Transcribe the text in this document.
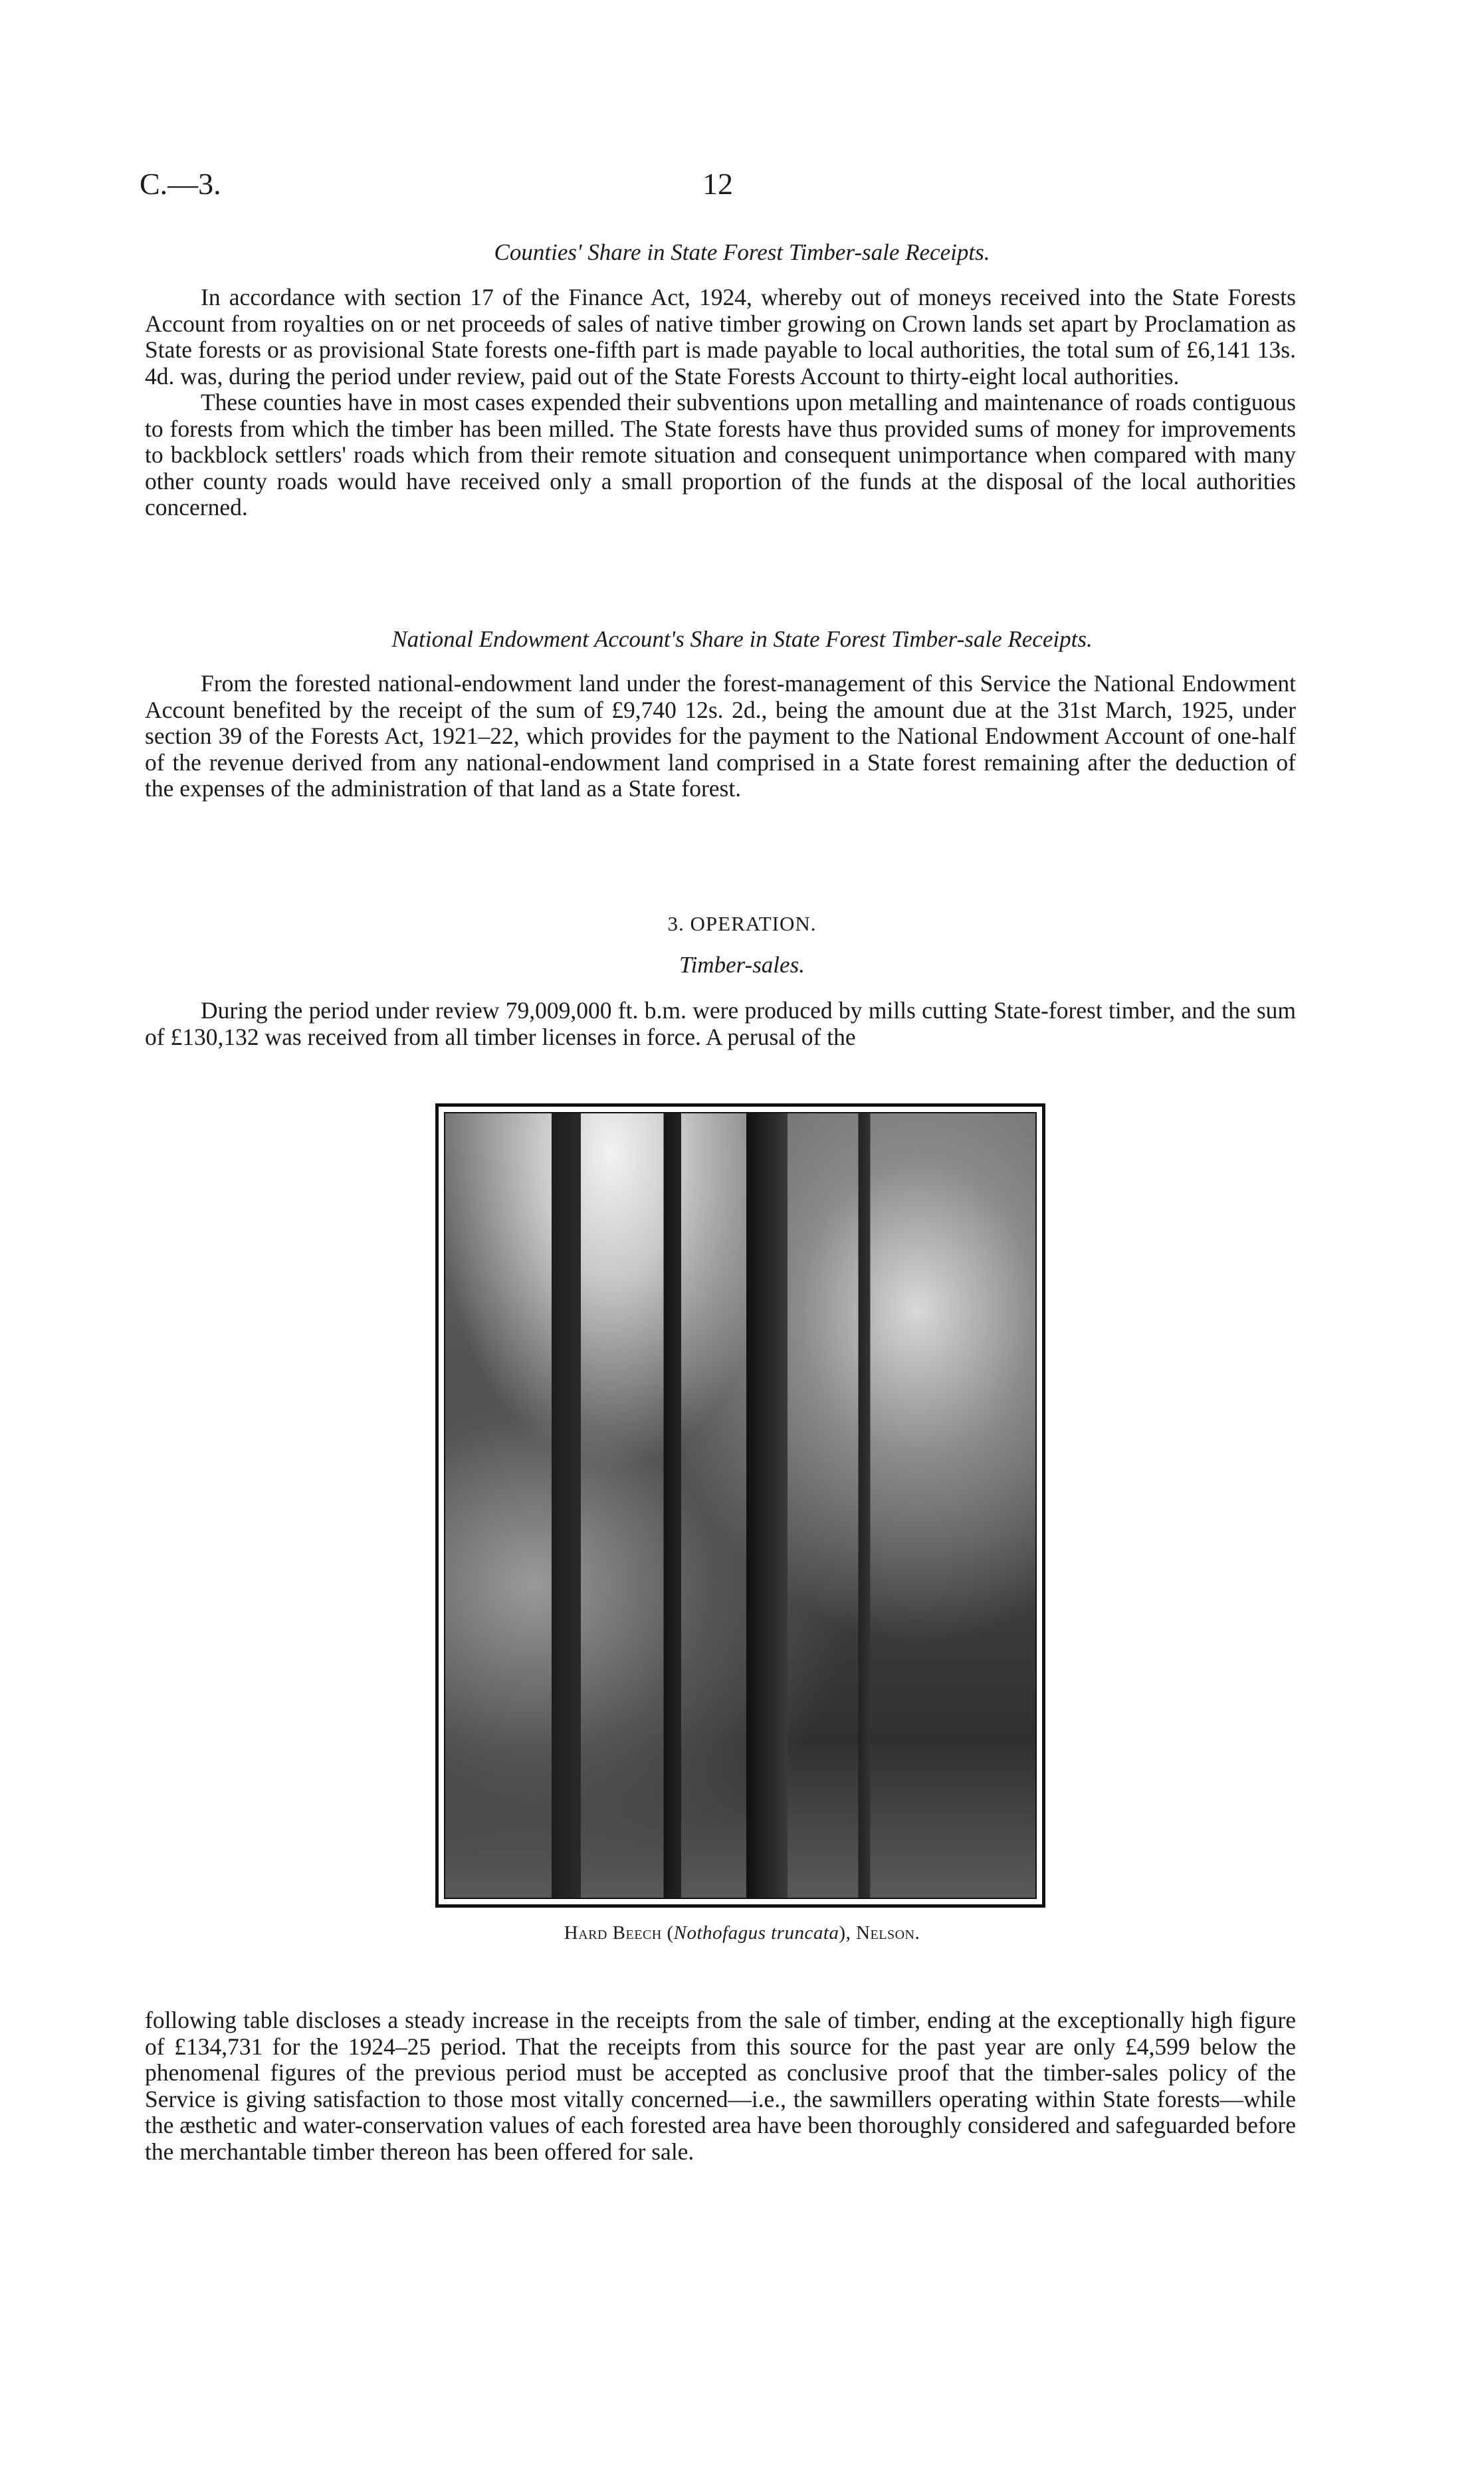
C.—3.	12
Counties' Share in State Forest Timber-sale Receipts.

In accordance with section 17 of the Finance Act, 1924, whereby out of moneys received into the State Forests Account from royalties on or net proceeds of sales of native timber growing on Crown lands set apart by Proclamation as State forests or as provisional State forests one-fifth part is made payable to local authorities, the total sum of £6,141 13s. 4d. was, during the period under review, paid out of the State Forests Account to thirty-eight local authorities.

These counties have in most cases expended their subventions upon metalling and maintenance of roads contiguous to forests from which the timber has been milled. The State forests have thus provided sums of money for improvements to backblock settlers' roads which from their remote situation and consequent unimportance when compared with many other county roads would have received only a small proportion of the funds at the disposal of the local authorities concerned.

National Endowment Account's Share in State Forest Timber-sale Receipts.

From the forested national-endowment land under the forest-management of this Service the National Endowment Account benefited by the receipt of the sum of £9,740 12s. 2d., being the amount due at the 31st March, 1925, under section 39 of the Forests Act, 1921–22, which provides for the payment to the National Endowment Account of one-half of the revenue derived from any national-endowment land comprised in a State forest remaining after the deduction of the expenses of the administration of that land as a State forest.

3. OPERATION.
Timber-sales.

During the period under review 79,009,000 ft. b.m. were produced by mills cutting State-forest timber, and the sum of £130,132 was received from all timber licenses in force. A perusal of the

Hard Beech (Nothofagus truncata), Nelson.

following table discloses a steady increase in the receipts from the sale of timber, ending at the exceptionally high figure of £134,731 for the 1924–25 period. That the receipts from this source for the past year are only £4,599 below the phenomenal figures of the previous period must be accepted as conclusive proof that the timber-sales policy of the Service is giving satisfaction to those most vitally concerned—i.e., the sawmillers operating within State forests—while the æsthetic and water-conservation values of each forested area have been thoroughly considered and safeguarded before the merchantable timber thereon has been offered for sale.
